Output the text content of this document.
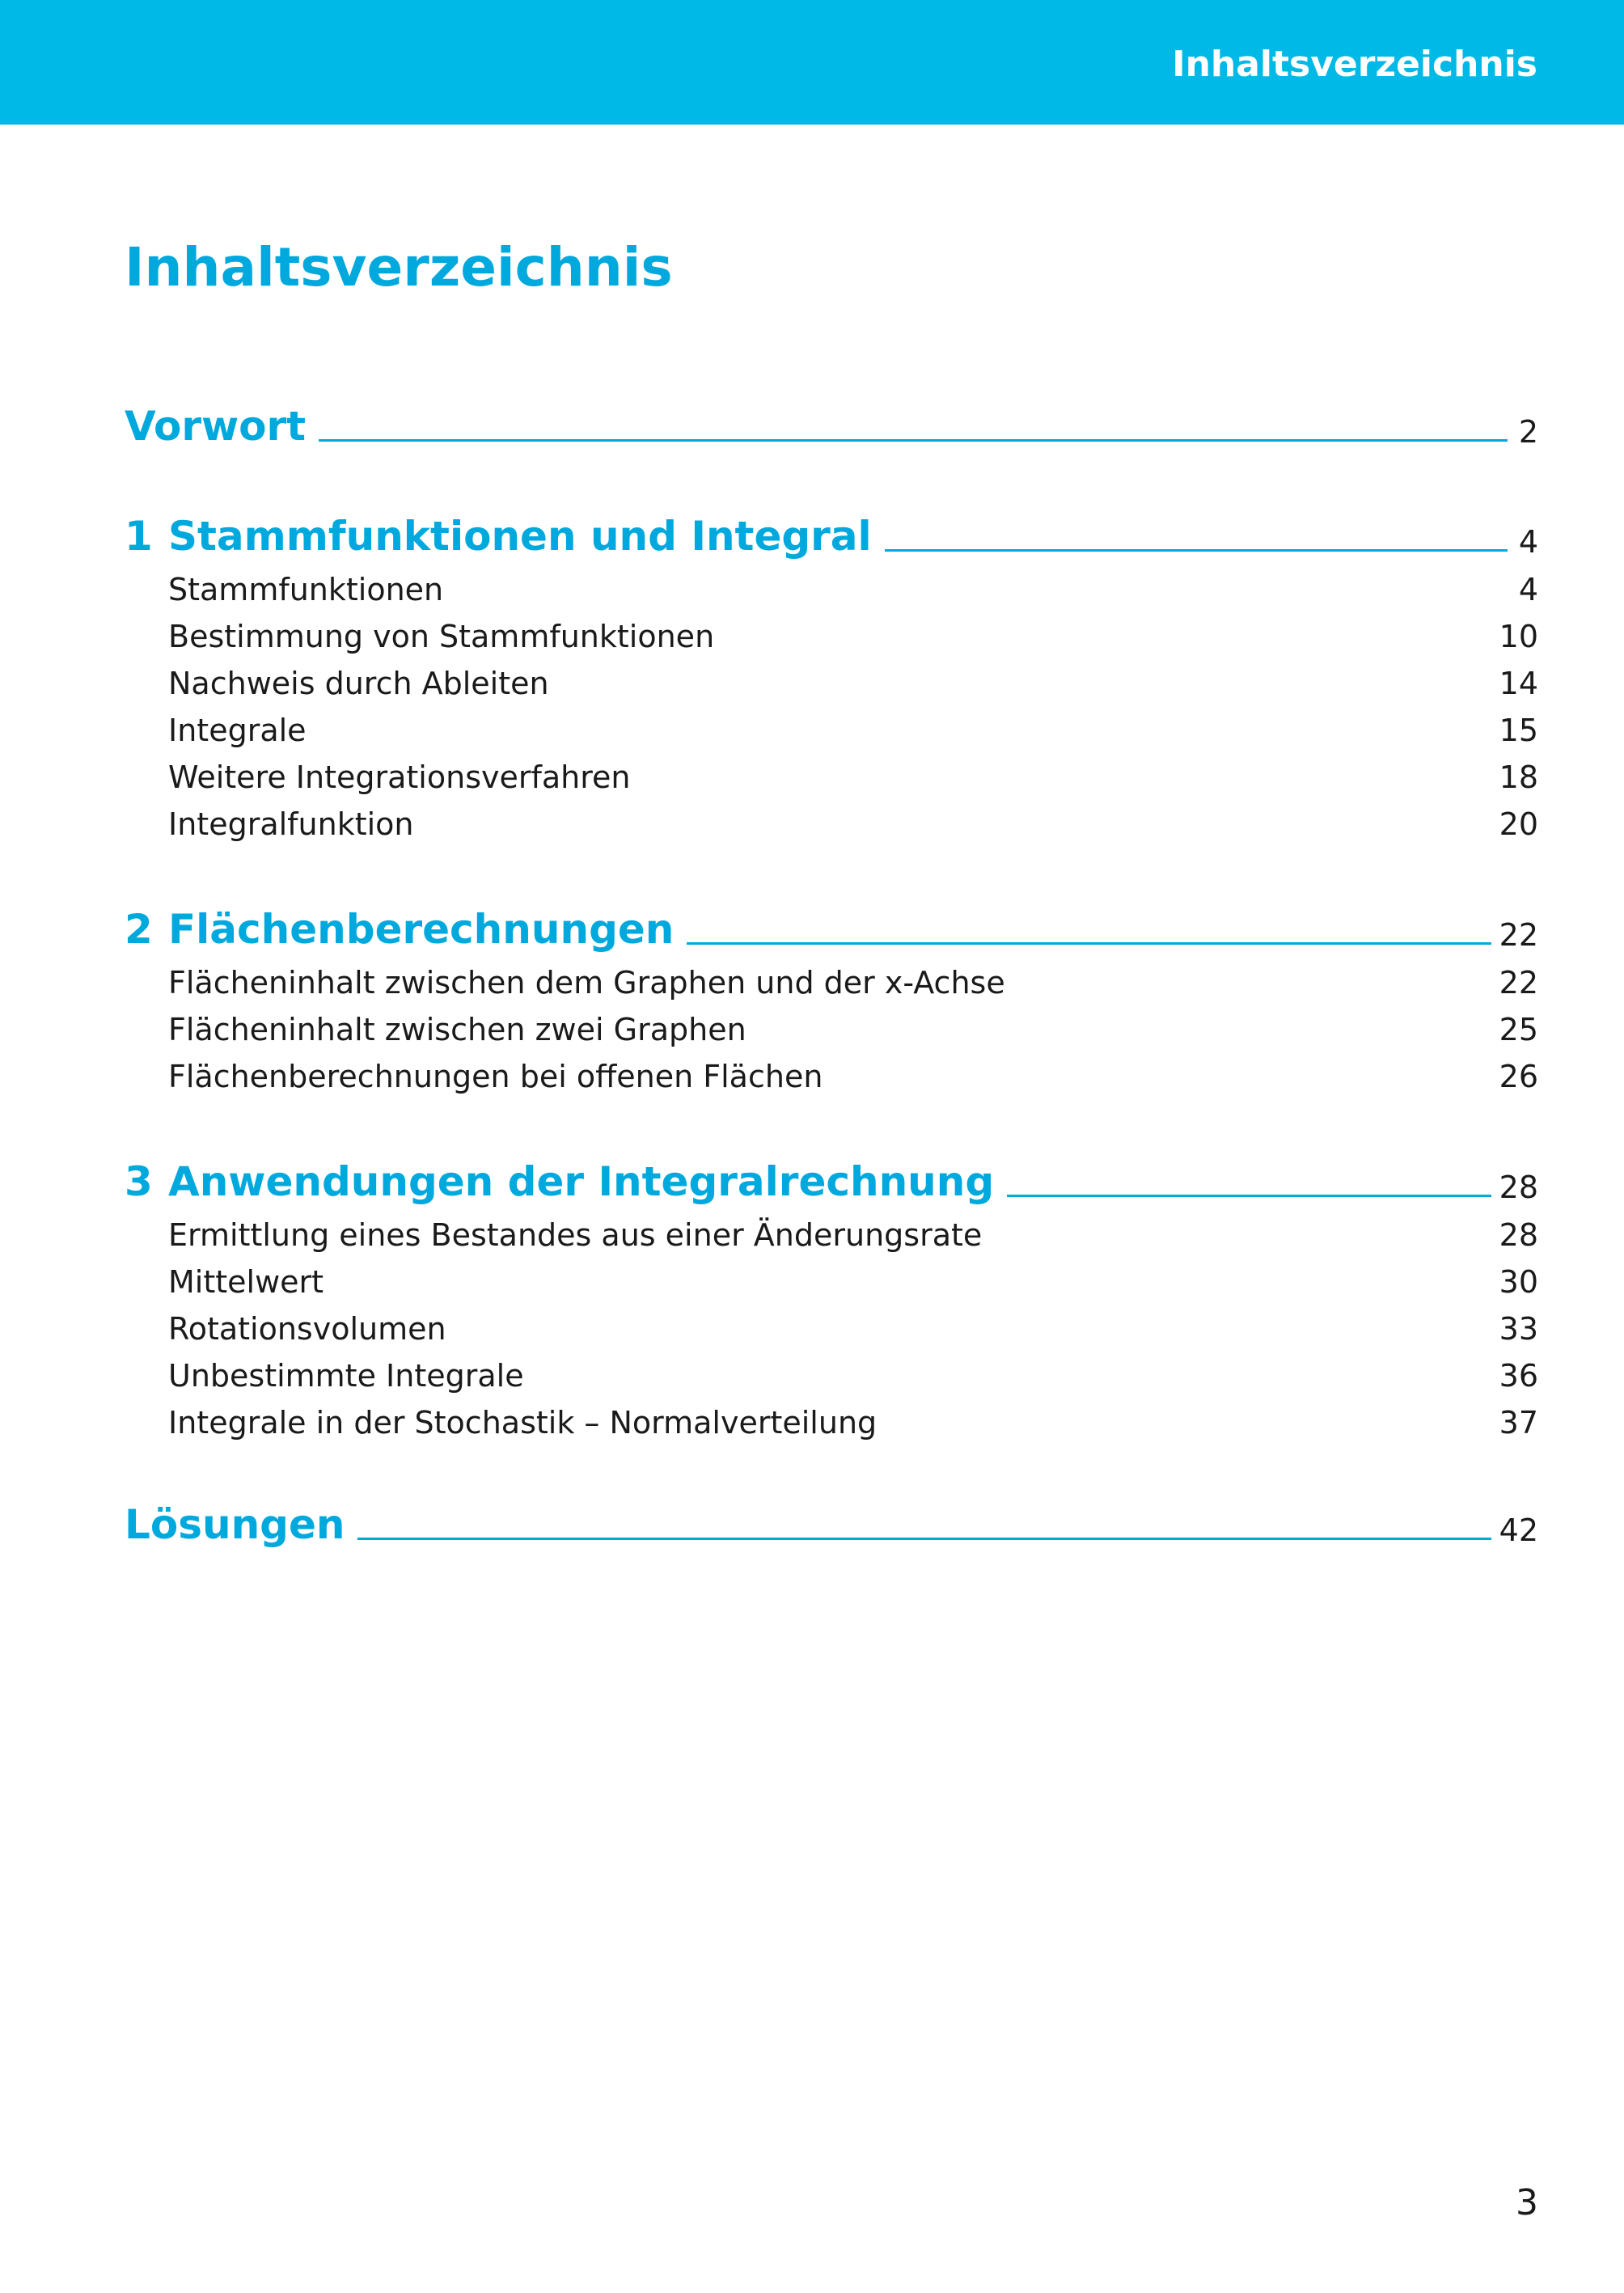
Inhaltsverzeichnis
Inhaltsverzeichnis
Vorwort	2
1 Stammfunktionen und Integral	4
Stammfunktionen	4
Bestimmung von Stammfunktionen	10
Nachweis durch Ableiten	14
Integrale	15
Weitere Integrationsverfahren	18
Integralfunktion	20
2 Flächenberechnungen	22
Flächeninhalt zwischen dem Graphen und der x-Achse	22
Flächeninhalt zwischen zwei Graphen	25
Flächenberechnungen bei offenen Flächen	26
3 Anwendungen der Integralrechnung	28
Ermittlung eines Bestandes aus einer Änderungsrate	28
Mittelwert	30
Rotationsvolumen	33
Unbestimmte Integrale	36
Integrale in der Stochastik – Normalverteilung	37
Lösungen	42
3
